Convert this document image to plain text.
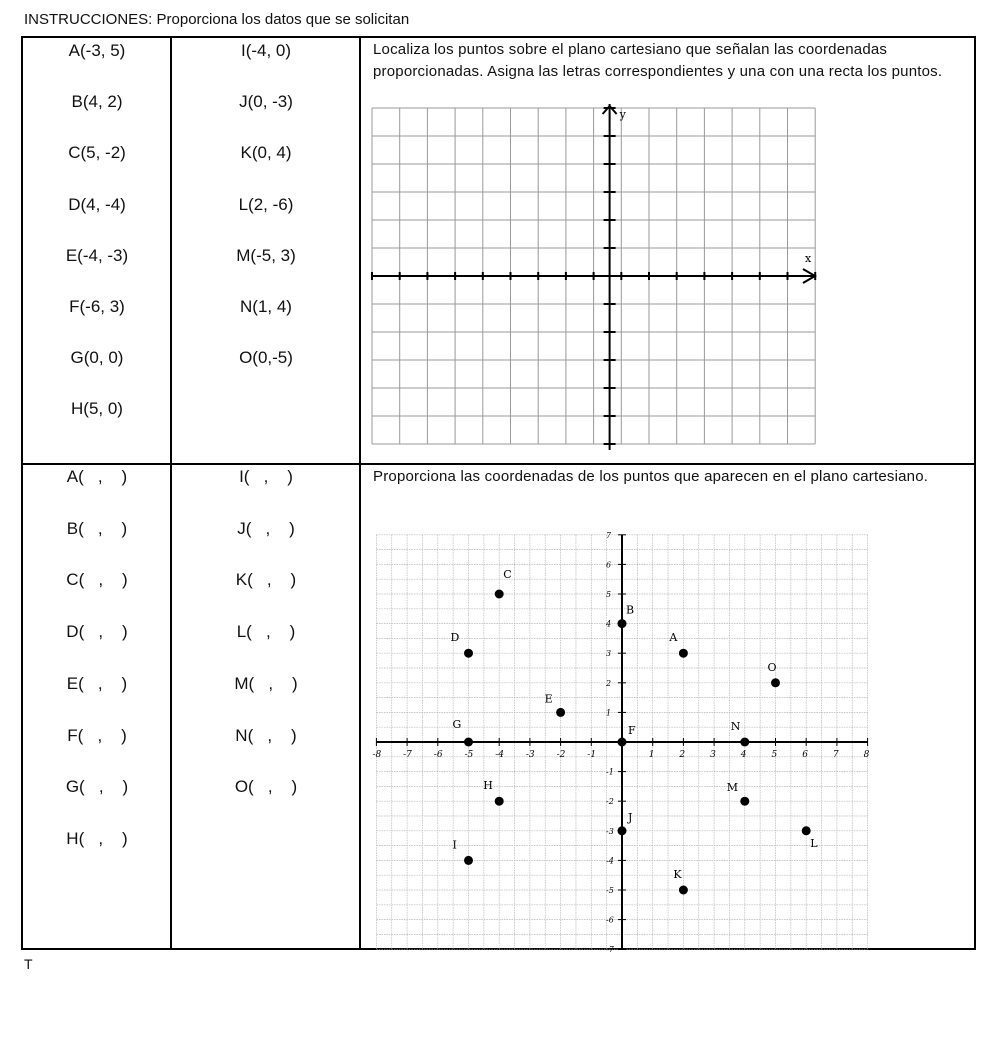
INSTRUCCIONES: Proporciona los datos que se solicitan
A(-3, 5)
B(4, 2)
C(5, -2)
D(4, -4)
E(-4, -3)
F(-6, 3)
G(0, 0)
H(5, 0)
I(-4, 0)
J(0, -3)
K(0, 4)
L(2, -6)
M(-5, 3)
N(1, 4)
O(0,-5)
Localiza los puntos sobre el plano cartesiano que señalan las coordenadas proporcionadas. Asigna las letras correspondientes y una con una recta los puntos.
A(   ,    )
B(   ,    )
C(   ,    )
D(   ,    )
E(   ,    )
F(   ,    )
G(   ,    )
H(   ,    )
I(   ,    )
J(   ,    )
K(   ,    )
L(   ,    )
M(   ,    )
N(   ,    )
O(   ,    )
Proporciona las coordenadas de los puntos que aparecen en el plano cartesiano.
x
y
-8 -7 -6 -5 -4 -3 -2 -1	1	2	3	4	5	6	7	8
7
6
5
4
3
2
1
-1
-2
-3
-4
-5
-6
-7
A
B
C
D
E
F
G
H
I
J
K
L
M
N
O
T
